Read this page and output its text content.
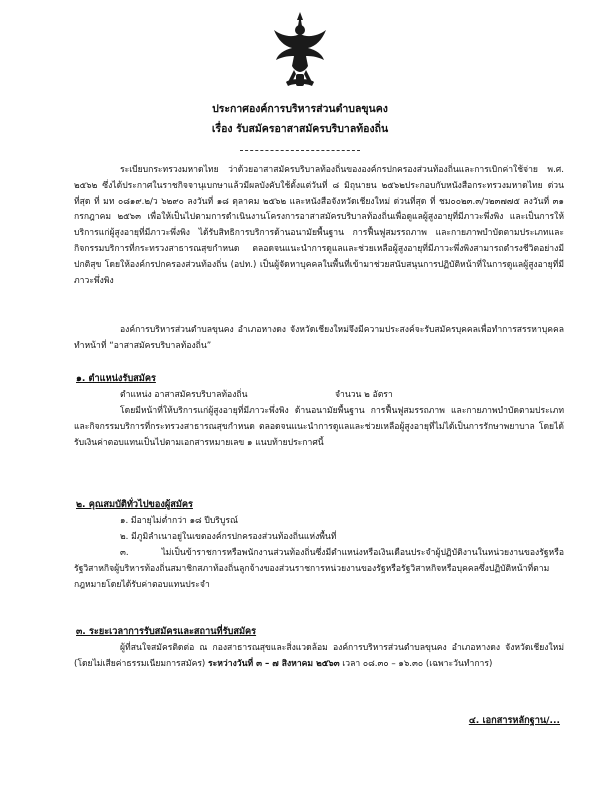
ประกาศองค์การบริหารส่วนตำบลขุนคง
เรื่อง รับสมัครอาสาสมัครบริบาลท้องถิ่น
ระเบียบกระทรวงมหาดไทย ว่าด้วยอาสาสมัครบริบาลท้องถิ่นขององค์กรปกครองส่วนท้องถิ่นและการเบิกค่าใช้จ่าย พ.ศ. ๒๕๖๒ ซึ่งได้ประกาศในราชกิจจานุเบกษาแล้วมีผลบังคับใช้ตั้งแต่วันที่ ๘ มิถุนายน ๒๕๖๒ประกอบกับหนังสือกระทรวงมหาดไทย ด่วนที่สุด ที่ มท ๐๘๑๙.๒/ว ๖๒๙๐ ลงวันที่ ๑๘ ตุลาคม ๒๕๖๒ และหนังสือจังหวัดเชียงใหม่ ด่วนที่สุด ที่ ชม๐๐๒๓.๓/ว๒๓๗๗๕ ลงวันที่ ๓๑ กรกฎาคม ๒๕๖๓ เพื่อให้เป็นไปตามการดำเนินงานโครงการอาสาสมัครบริบาลท้องถิ่นเพื่อดูแลผู้สูงอายุที่มีภาวะพึ่งพิง และเป็นการให้บริการแก่ผู้สูงอายุที่มีภาวะพึ่งพิง ได้รับสิทธิการบริการด้านอนามัยพื้นฐาน การฟื้นฟูสมรรถภาพ และกายภาพบำบัดตามประเภทและกิจกรรมบริการที่กระทรวงสาธารณสุขกำหนด ตลอดจนแนะนำการดูแลและช่วยเหลือผู้สูงอายุที่มีภาวะพึ่งพิงสามารถดำรงชีวิตอย่างมีปกติสุข โดยให้องค์กรปกครองส่วนท้องถิ่น (อปท.) เป็นผู้จัดหาบุคคลในพื้นที่เข้ามาช่วยสนับสนุนการปฏิบัติหน้าที่ในการดูแลผู้สูงอายุที่มีภาวะพึ่งพิง
องค์การบริหารส่วนตำบลขุนคง อำเภอหางดง จังหวัดเชียงใหม่จึงมีความประสงค์จะรับสมัครบุคคลเพื่อทำการสรรหาบุคคลทำหน้าที่ “อาสาสมัครบริบาลท้องถิ่น”
๑. ตำแหน่งรับสมัคร
ตำแหน่ง อาสาสมัครบริบาลท้องถิ่น	จำนวน ๒ อัตรา
โดยมีหน้าที่ให้บริการแก่ผู้สูงอายุที่มีภาวะพึ่งพิง ด้านอนามัยพื้นฐาน การฟื้นฟูสมรรถภาพ และกายภาพบำบัดตามประเภทและกิจกรรมบริการที่กระทรวงสาธารณสุขกำหนด ตลอดจนแนะนำการดูแลและช่วยเหลือผู้สูงอายุที่ไม่ได้เป็นการรักษาพยาบาล โดยได้รับเงินค่าตอบแทนเป็นไปตามเอกสารหมายเลข ๑ แนบท้ายประกาศนี้
๒. คุณสมบัติทั่วไปของผู้สมัคร
๑. มีอายุไม่ต่ำกว่า ๑๘ ปีบริบูรณ์
๒. มีภูมิลำเนาอยู่ในเขตองค์กรปกครองส่วนท้องถิ่นแห่งพื้นที่
๓. ไม่เป็นข้าราชการหรือพนักงานส่วนท้องถิ่นซึ่งมีตำแหน่งหรือเงินเดือนประจำผู้ปฏิบัติงานในหน่วยงานของรัฐหรือรัฐวิสาหกิจผู้บริหารท้องถิ่นสมาชิกสภาท้องถิ่นลูกจ้างของส่วนราชการหน่วยงานของรัฐหรือรัฐวิสาหกิจหรือบุคคลซึ่งปฏิบัติหน้าที่ตามกฎหมายโดยได้รับค่าตอบแทนประจำ
๓. ระยะเวลาการรับสมัครและสถานที่รับสมัคร
ผู้ที่สนใจสมัครติดต่อ ณ กองสาธารณสุขและสิ่งแวดล้อม องค์การบริหารส่วนตำบลขุนคง อำเภอหางดง จังหวัดเชียงใหม่ (โดยไม่เสียค่าธรรมเนียมการสมัคร) ระหว่างวันที่ ๓ – ๗ สิงหาคม ๒๕๖๓ เวลา ๐๘.๓๐ – ๑๖.๓๐ (เฉพาะวันทำการ)
๔. เอกสารหลักฐาน/...
